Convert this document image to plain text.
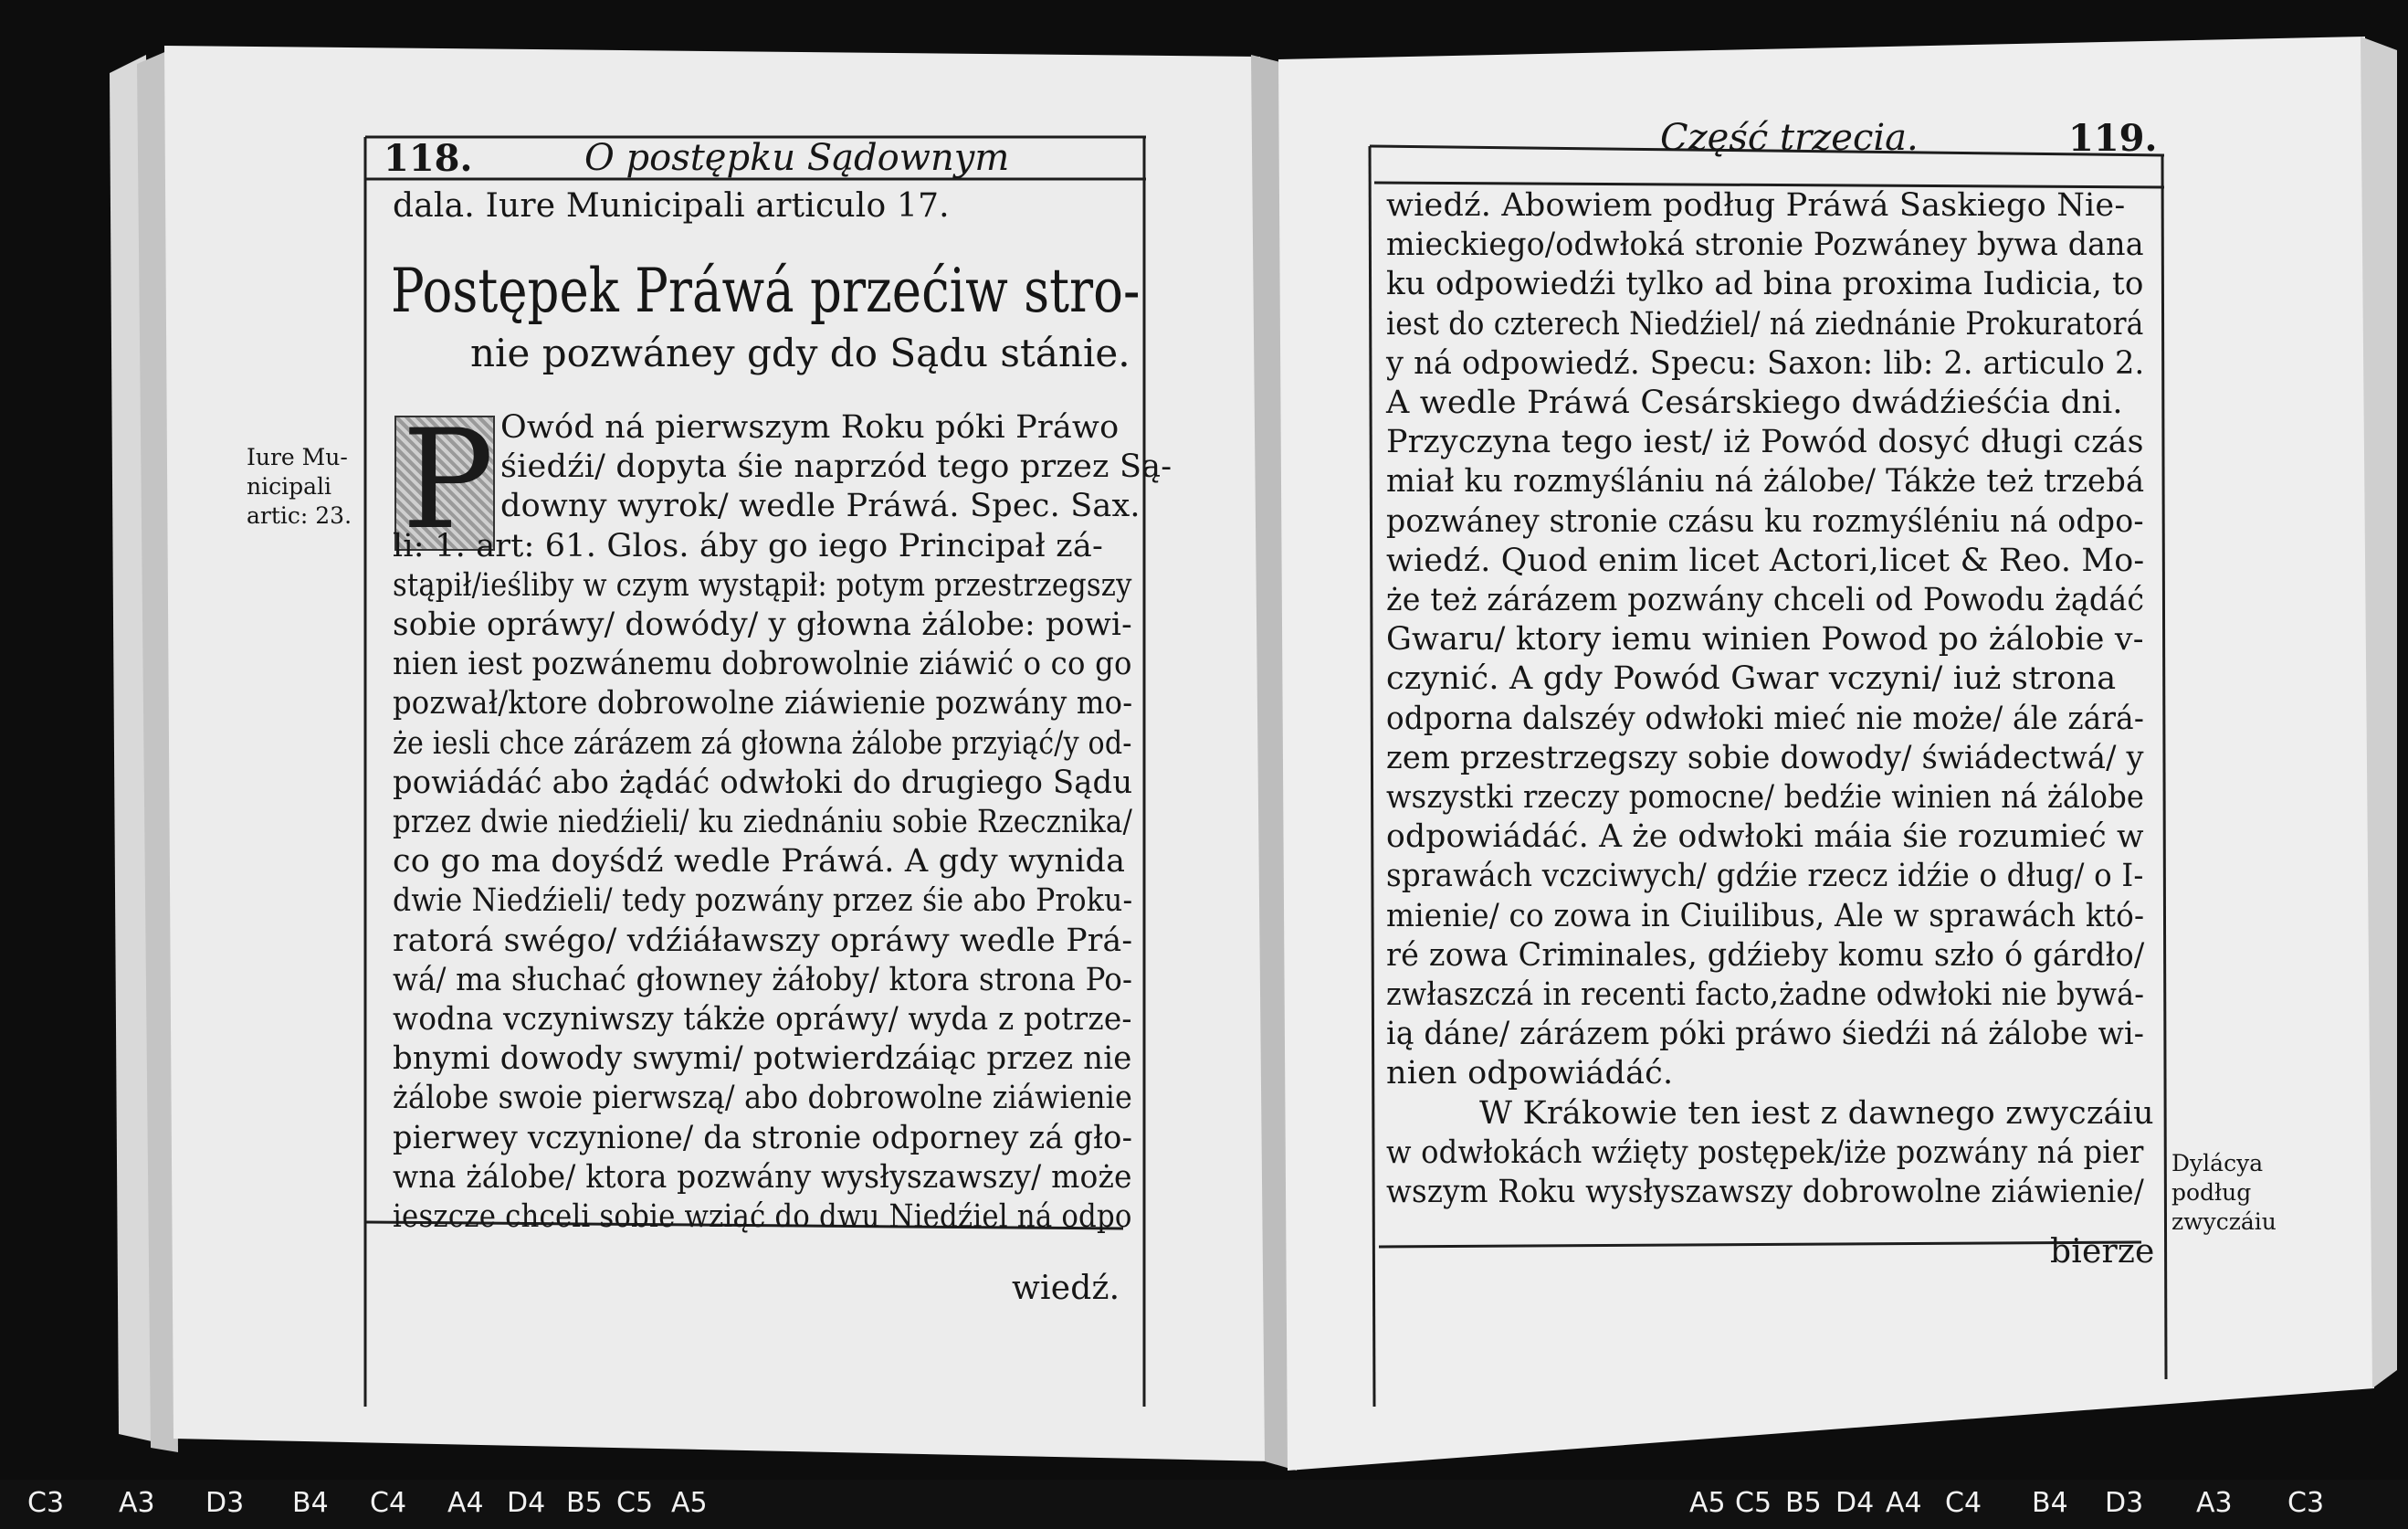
118.	O postępku Sądownym
dala. Iure Municipali articulo 17.
Postępek Práwá przećiw stro-
nie pozwáney gdy do Sądu stánie.
P Owód ná pierwszym Roku póki Práwo
śiedźi/ dopyta śie naprzód tego przez Są-
downy wyrok/ wedle Práwá. Spec. Sax.
li: 1. art: 61. Glos. áby go iego Principał zá-
stąpił/ieśliby w czym wystąpił: potym przestrzegszy
sobie opráwy/ dowódy/ y głowna żálobe: powi-
nien iest pozwánemu dobrowolnie ziáwić o co go
pozwał/ktore dobrowolne ziáwienie pozwány mo-
że iesli chce zárázem zá głowna żálobe przyiąć/y od-
powiádáć abo żądáć odwłoki do drugiego Sądu
przez dwie niedźieli/ ku ziednániu sobie Rzecznika/
co go ma doyśdź wedle Práwá. A gdy wynida
dwie Niedźieli/ tedy pozwány przez śie abo Proku-
ratorá swégo/ vdźiáławszy opráwy wedle Prá-
wá/ ma słuchać głowney żáłoby/ ktora strona Po-
wodna vczyniwszy tákże opráwy/ wyda z potrze-
bnymi dowody swymi/ potwierdzáiąc przez nie
żálobe swoie pierwszą/ abo dobrowolne ziáwienie
pierwey vczynione/ da stronie odporney zá gło-
wna żálobe/ ktora pozwány wysłyszawszy/ może
ieszcze chceli sobie wziąć do dwu Niedźiel ná odpo
wiedź.
Iure Mu-
nicipali
artic: 23.
Część trzecia.	119.
wiedź. Abowiem podług Práwá Saskiego Nie-
mieckiego/odwłoká stronie Pozwáney bywa dana
ku odpowiedźi tylko ad bina proxima Iudicia, to
iest do czterech Niedźiel/ ná ziednánie Prokuratorá
y ná odpowiedź. Specu: Saxon: lib: 2. articulo 2.
A wedle Práwá Cesárskiego dwádźieśćia dni.
Przyczyna tego iest/ iż Powód dosyć długi czás
miał ku rozmyślániu ná żálobe/ Tákże też trzebá
pozwáney stronie czásu ku rozmyśléniu ná odpo-
wiedź. Quod enim licet Actori,licet & Reo. Mo-
że też zárázem pozwány chceli od Powodu żądáć
Gwaru/ ktory iemu winien Powod po żálobie v-
czynić. A gdy Powód Gwar vczyni/ iuż strona
odporna dalszéy odwłoki mieć nie może/ ále zárá-
zem przestrzegszy sobie dowody/ świádectwá/ y
wszystki rzeczy pomocne/ bedźie winien ná żálobe
odpowiádáć. A że odwłoki máia śie rozumieć w
sprawách vczciwych/ gdźie rzecz idźie o dług/ o I-
mienie/ co zowa in Ciuilibus, Ale w sprawách któ-
ré zowa Criminales, gdźieby komu szło ó gárdło/
zwłaszczá in recenti facto,żadne odwłoki nie bywá-
ią dáne/ zárázem póki práwo śiedźi ná żálobe wi-
nien odpowiádáć.
W Krákowie ten iest z dawnego zwyczáiu
w odwłokách wźięty postępek/iże pozwány ná pier
wszym Roku wysłyszawszy dobrowolne ziáwienie/
bierze
Dylácya
podług
zwyczáiu
C3 A3 D3 B4 C4 A4 D4 B5 C5 A5	A5 C5 B5 D4 A4 C4 B4 D3 A3 C3
